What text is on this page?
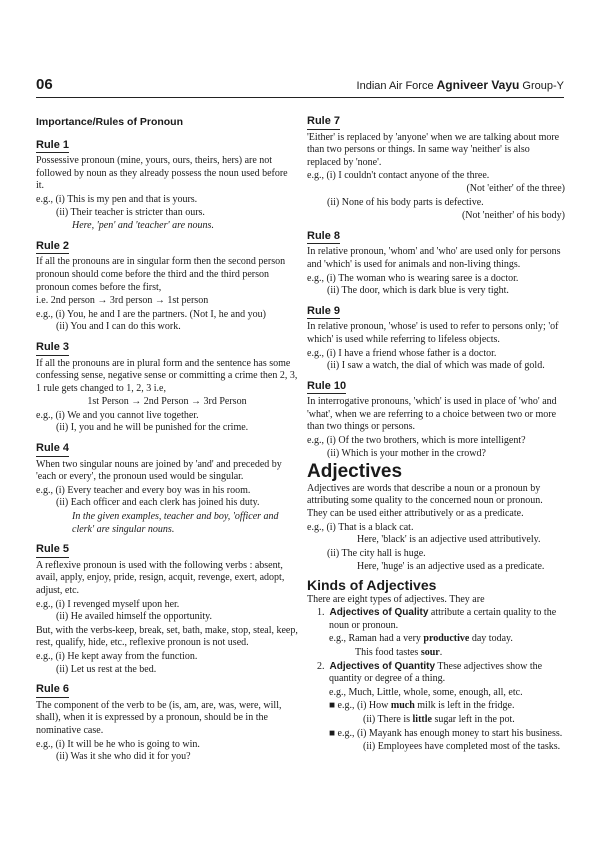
06	Indian Air Force Agniveer Vayu Group-Y
Importance/Rules of Pronoun
Rule 1

Possessive pronoun (mine, yours, ours, theirs, hers) are not followed by noun as they already possess the noun used before it.

e.g., (i) This is my pen and that is yours.

(ii) Their teacher is stricter than ours.

Here, 'pen' and 'teacher' are nouns.

Rule 2

If all the pronouns are in singular form then the second person pronoun should come before the third and the third person pronoun comes before the first,

i.e. 2nd person → 3rd person → 1st person

e.g., (i) You, he and I are the partners. (Not I, he and you)

(ii) You and I can do this work.

Rule 3

If all the pronouns are in plural form and the sentence has some confessing sense, negative sense or committing a crime then 2, 3, 1 rule gets changed to 1, 2, 3 i.e,

1st Person → 2nd Person → 3rd Person

e.g., (i) We and you cannot live together.

(ii) I, you and he will be punished for the crime.

Rule 4

When two singular nouns are joined by 'and' and preceded by 'each or every', the pronoun used would be singular.

e.g., (i) Every teacher and every boy was in his room.

(ii) Each officer and each clerk has joined his duty.

In the given examples, teacher and boy, 'officer and clerk' are singular nouns.

Rule 5

A reflexive pronoun is used with the following verbs : absent, avail, apply, enjoy, pride, resign, acquit, revenge, exert, adopt, adjust, etc.

e.g., (i) I revenged myself upon her.

(ii) He availed himself the opportunity.

But, with the verbs-keep, break, set, bath, make, stop, steal, keep, rest, qualify, hide, etc., reflexive pronoun is not used.

e.g., (i) He kept away from the function.

(ii) Let us rest at the bed.

Rule 6

The component of the verb to be (is, am, are, was, were, will, shall), when it is expressed by a pronoun, should be in the nominative case.

e.g., (i) It will be he who is going to win.

(ii) Was it she who did it for you?

Rule 7

'Either' is replaced by 'anyone' when we are talking about more than two persons or things. In same way 'neither' is also replaced by 'none'.

e.g., (i) I couldn't contact anyone of the three.

(Not 'either' of the three)

(ii) None of his body parts is defective.

(Not 'neither' of his body)

Rule 8

In relative pronoun, 'whom' and 'who' are used only for persons and 'which' is used for animals and non-living things.

e.g., (i) The woman who is wearing saree is a doctor.

(ii) The door, which is dark blue is very tight.

Rule 9

In relative pronoun, 'whose' is used to refer to persons only; 'of which' is used while referring to lifeless objects.

e.g., (i) I have a friend whose father is a doctor.

(ii) I saw a watch, the dial of which was made of gold.

Rule 10

In interrogative pronouns, 'which' is used in place of 'who' and 'what', when we are referring to a choice between two or more than two things or persons.

e.g., (i) Of the two brothers, which is more intelligent?

(ii) Which is your mother in the crowd?

Adjectives

Adjectives are words that describe a noun or a pronoun by attributing some quality to the concerned noun or pronoun. They can be used either attributively or as a predicate.

e.g., (i) That is a black cat.

Here, 'black' is an adjective used attributively.

(ii) The city hall is huge.

Here, 'huge' is an adjective used as a predicate.

Kinds of Adjectives

There are eight types of adjectives. They are

1. Adjectives of Quality attribute a certain quality to the noun or pronoun.

e.g., Raman had a very productive day today.

This food tastes sour.

2. Adjectives of Quantity These adjectives show the quantity or degree of a thing.

e.g., Much, Little, whole, some, enough, all, etc.

■ e.g., (i) How much milk is left in the fridge.

(ii) There is little sugar left in the pot.

■ e.g., (i) Mayank has enough money to start his business.

(ii) Employees have completed most of the tasks.
